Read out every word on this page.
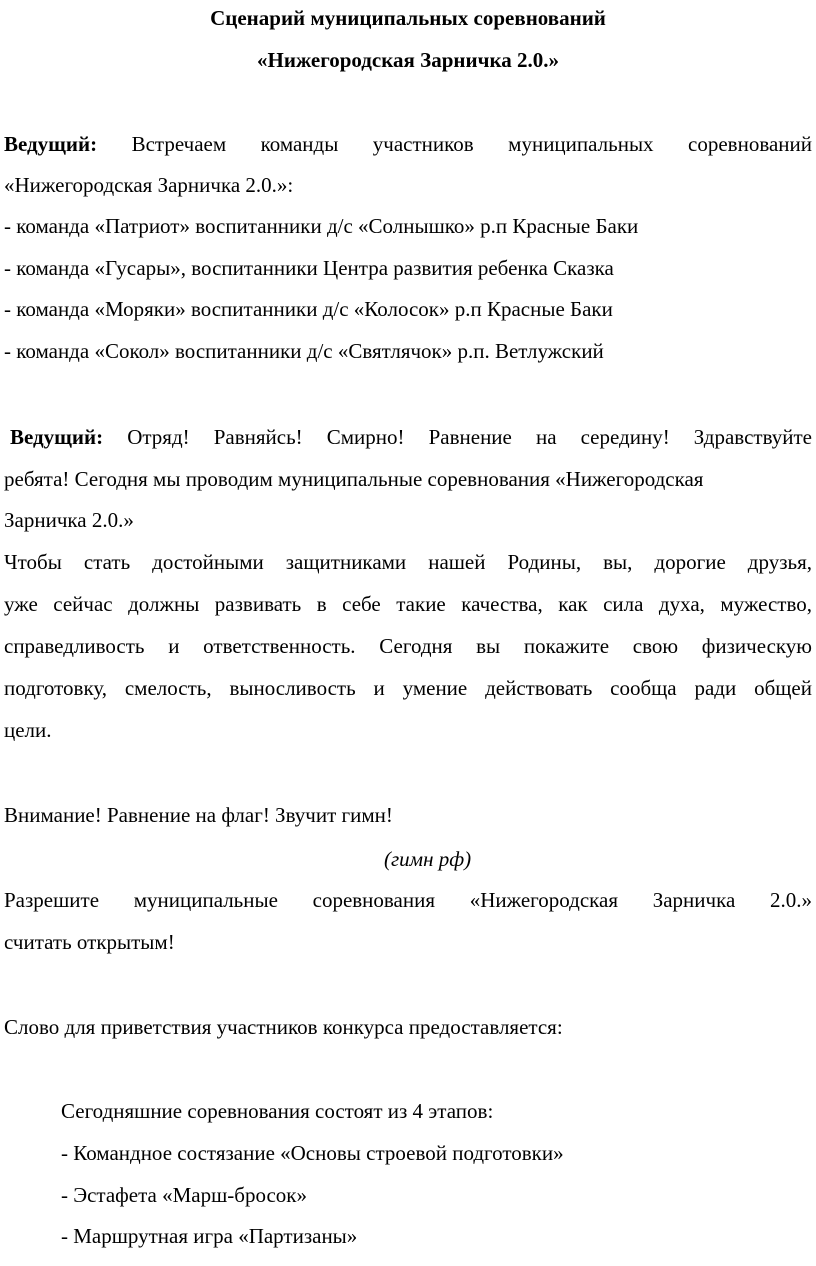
Сценарий муниципальных соревнований
«Нижегородская Зарничка 2.0.»
Ведущий: Встречаем команды участников муниципальных соревнований
«Нижегородская Зарничка 2.0.»:
- команда «Патриот» воспитанники д/с «Солнышко» р.п Красные Баки
- команда «Гусары», воспитанники Центра развития ребенка Сказка
- команда «Моряки» воспитанники д/с «Колосок» р.п Красные Баки
- команда «Сокол» воспитанники д/с «Святлячок» р.п. Ветлужский
Ведущий: Отряд! Равняйсь! Смирно! Равнение на середину! Здравствуйте
ребята! Сегодня мы проводим муниципальные соревнования «Нижегородская
Зарничка 2.0.»
Чтобы стать достойными защитниками нашей Родины, вы, дорогие друзья,
уже сейчас должны развивать в себе такие качества, как сила духа, мужество,
справедливость и ответственность. Сегодня вы покажите свою физическую
подготовку, смелость, выносливость и умение действовать сообща ради общей
цели.
Внимание! Равнение на флаг! Звучит гимн!
(гимн рф)
Разрешите муниципальные соревнования «Нижегородская Зарничка 2.0.»
считать открытым!
Слово для приветствия участников конкурса предоставляется:
Сегодняшние соревнования состоят из 4 этапов:
- Командное состязание «Основы строевой подготовки»
- Эстафета «Марш-бросок»
- Маршрутная игра «Партизаны»
